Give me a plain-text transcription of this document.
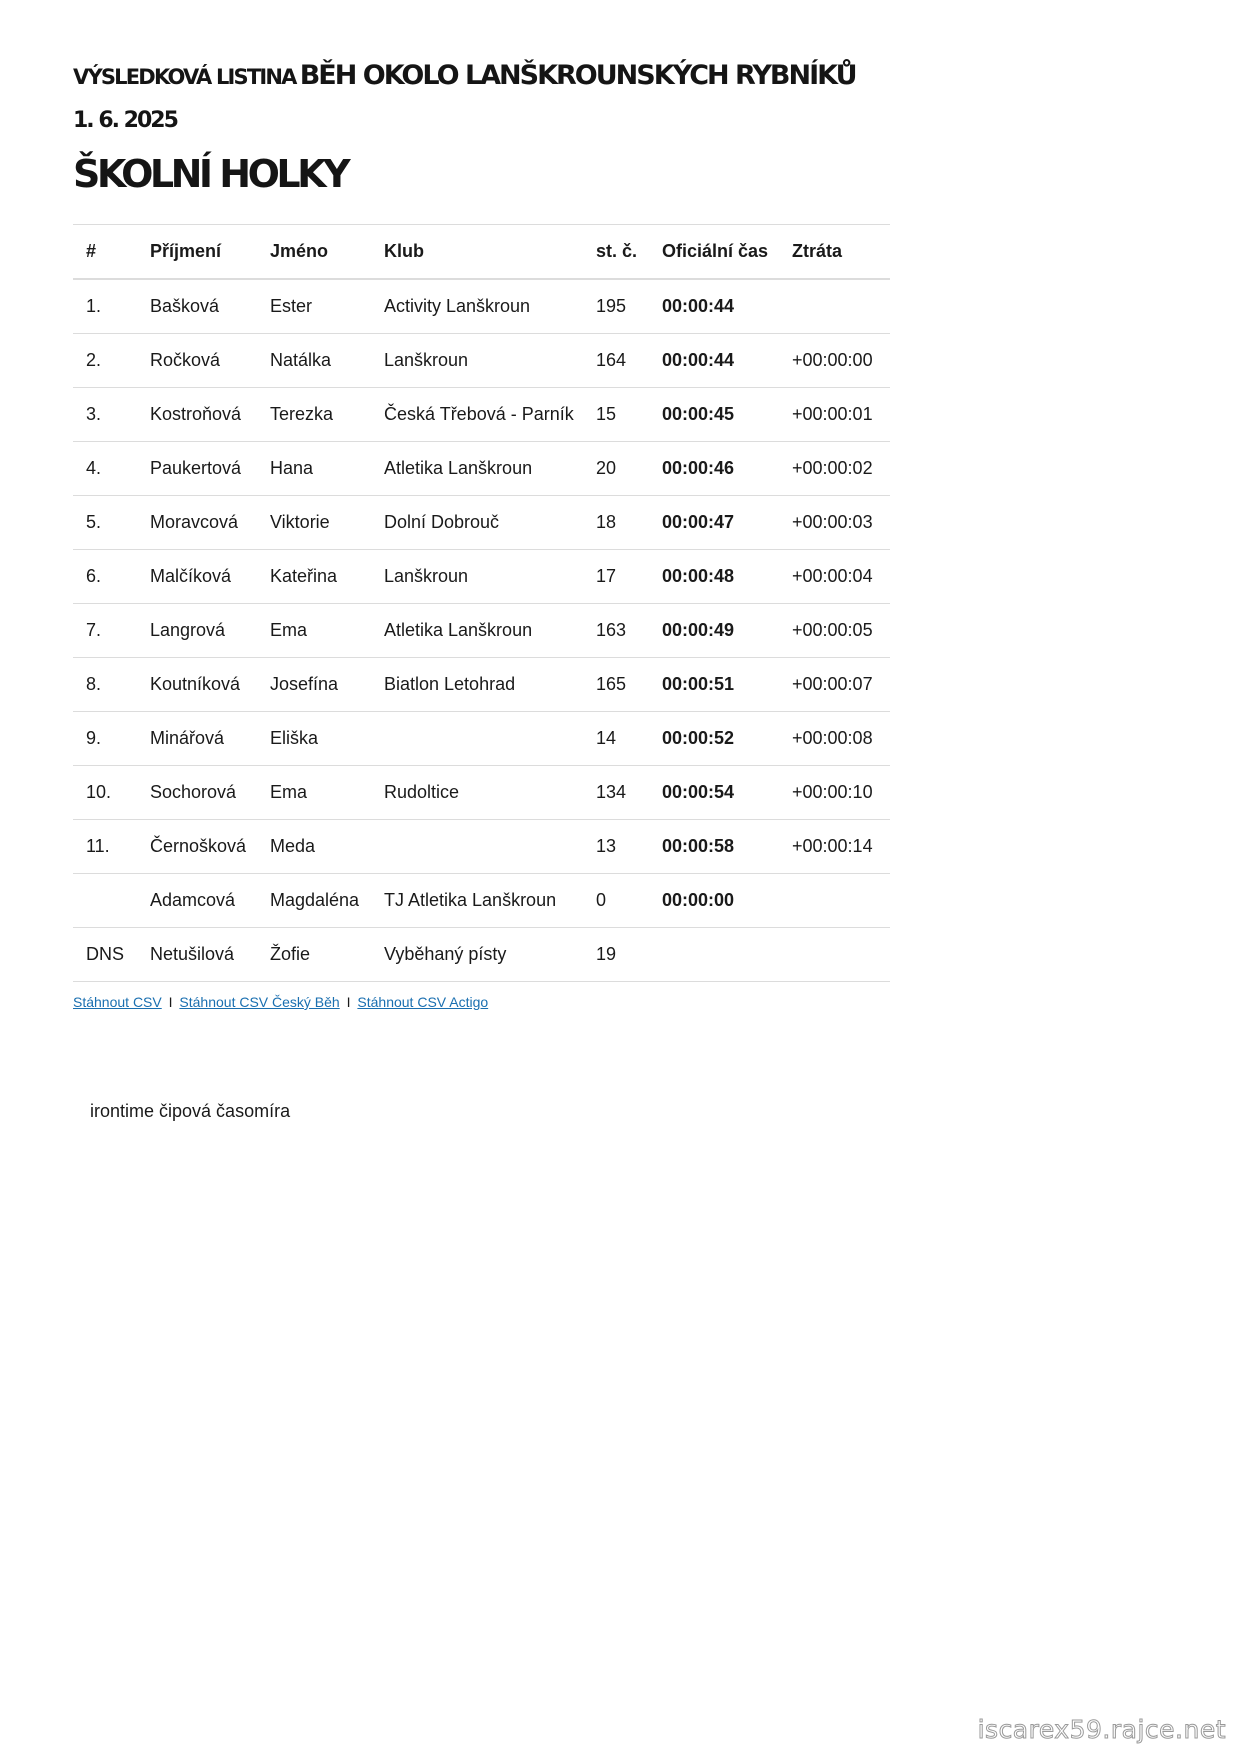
VÝSLEDKOVÁ LISTINA BĚH OKOLO LANŠKROUNSKÝCH RYBNÍKŮ
1. 6. 2025
ŠKOLNÍ HOLKY
#	Příjmení	Jméno	Klub	st. č.	Oficiální čas	Ztráta
1.	Bašková	Ester	Activity Lanškroun	195	00:00:44	
2.	Ročková	Natálka	Lanškroun	164	00:00:44	+00:00:00
3.	Kostroňová	Terezka	Česká Třebová - Parník	15	00:00:45	+00:00:01
4.	Paukertová	Hana	Atletika Lanškroun	20	00:00:46	+00:00:02
5.	Moravcová	Viktorie	Dolní Dobrouč	18	00:00:47	+00:00:03
6.	Malčíková	Kateřina	Lanškroun	17	00:00:48	+00:00:04
7.	Langrová	Ema	Atletika Lanškroun	163	00:00:49	+00:00:05
8.	Koutníková	Josefína	Biatlon Letohrad	165	00:00:51	+00:00:07
9.	Minářová	Eliška		14	00:00:52	+00:00:08
10.	Sochorová	Ema	Rudoltice	134	00:00:54	+00:00:10
11.	Černošková	Meda		13	00:00:58	+00:00:14
	Adamcová	Magdaléna	TJ Atletika Lanškroun	0	00:00:00	
DNS	Netušilová	Žofie	Vyběhaný písty	19		
Stáhnout CSV I Stáhnout CSV Český Běh I Stáhnout CSV Actigo
irontime čipová časomíra
iscarex59.rajce.net
